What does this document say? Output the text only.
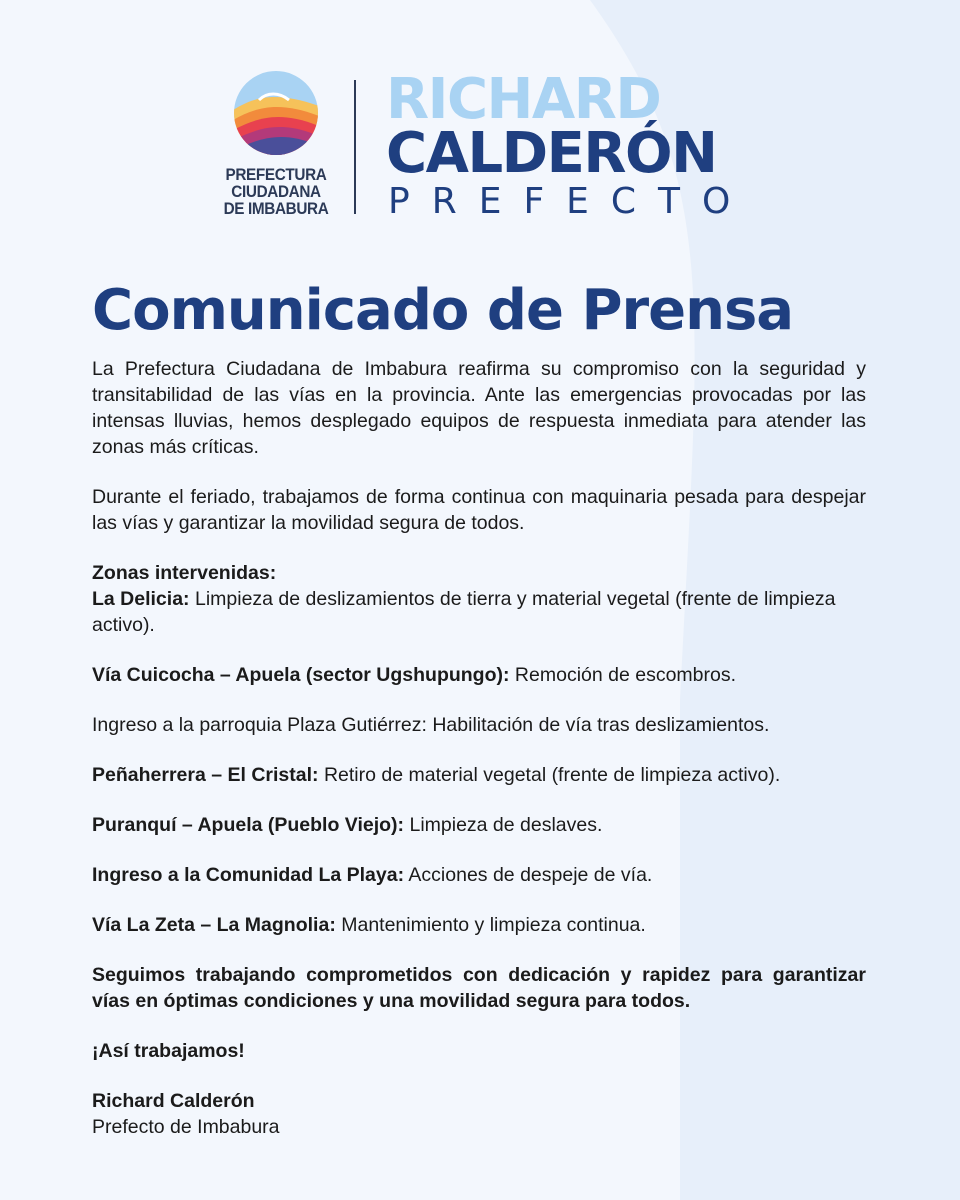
PREFECTURA
CIUDADANA
DE IMBABURA
RICHARD
CALDERÓN
PREFECTO
Comunicado de Prensa

La Prefectura Ciudadana de Imbabura reafirma su compromiso con la seguridad y transitabilidad de las vías en la provincia. Ante las emergencias provocadas por las intensas lluvias, hemos desplegado equipos de respuesta inmediata para atender las zonas más críticas.

Durante el feriado, trabajamos de forma continua con maquinaria pesada para despejar las vías y garantizar la movilidad segura de todos.

Zonas intervenidas:

La Delicia: Limpieza de deslizamientos de tierra y material vegetal (frente de limpieza activo).

Vía Cuicocha – Apuela (sector Ugshupungo): Remoción de escombros.

Ingreso a la parroquia Plaza Gutiérrez: Habilitación de vía tras deslizamientos.

Peñaherrera – El Cristal: Retiro de material vegetal (frente de limpieza activo).

Puranquí – Apuela (Pueblo Viejo): Limpieza de deslaves.

Ingreso a la Comunidad La Playa: Acciones de despeje de vía.

Vía La Zeta – La Magnolia: Mantenimiento y limpieza continua.

Seguimos trabajando comprometidos con dedicación y rapidez para garantizar vías en óptimas condiciones y una movilidad segura para todos.

¡Así trabajamos!

Richard Calderón

Prefecto de Imbabura
